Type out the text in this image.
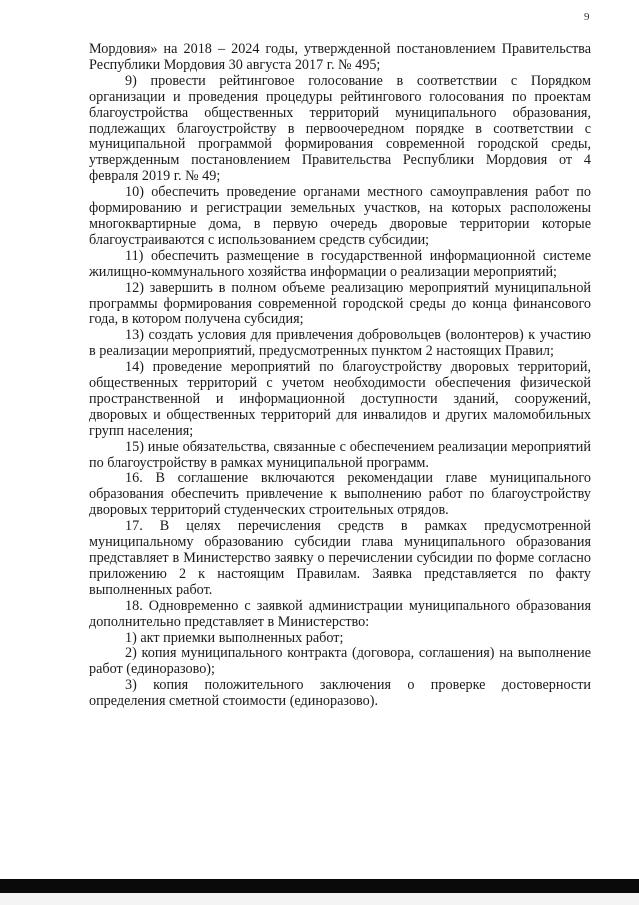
9

Мордовия» на 2018 – 2024 годы, утвержденной постановлением Правительства Республики Мордовия 30 августа 2017 г. № 495;

9) провести рейтинговое голосование в соответствии с Порядком организации и проведения процедуры рейтингового голосования по проектам благоустройства общественных территорий муниципального образования, подлежащих благоустройству в первоочередном порядке в соответствии с муниципальной программой формирования современной городской среды, утвержденным постановлением Правительства Республики Мордовия от 4 февраля 2019 г. № 49;

10) обеспечить проведение органами местного самоуправления работ по формированию и регистрации земельных участков, на которых расположены многоквартирные дома, в первую очередь дворовые территории которые благоустраиваются с использованием средств субсидии;

11) обеспечить размещение в государственной информационной системе жилищно-коммунального хозяйства информации о реализации мероприятий;

12) завершить в полном объеме реализацию мероприятий муниципальной программы формирования современной городской среды до конца финансового года, в котором получена субсидия;

13) создать условия для привлечения добровольцев (волонтеров) к участию в реализации мероприятий, предусмотренных пунктом 2 настоящих Правил;

14) проведение мероприятий по благоустройству дворовых территорий, общественных территорий с учетом необходимости обеспечения физической пространственной и информационной доступности зданий, сооружений, дворовых и общественных территорий для инвалидов и других маломобильных групп населения;

15) иные обязательства, связанные с обеспечением реализации мероприятий по благоустройству в рамках муниципальной программ.

16. В соглашение включаются рекомендации главе муниципального образования обеспечить привлечение к выполнению работ по благоустройству дворовых территорий студенческих строительных отрядов.

17. В целях перечисления средств в рамках предусмотренной муниципальному образованию субсидии глава муниципального образования представляет в Министерство заявку о перечислении субсидии по форме согласно приложению 2 к настоящим Правилам. Заявка представляется по факту выполненных работ.

18. Одновременно с заявкой администрации муниципального образования дополнительно представляет в Министерство:

1) акт приемки выполненных работ;

2) копия муниципального контракта (договора, соглашения) на выполнение работ (единоразово);

3) копия положительного заключения о проверке достоверности определения сметной стоимости (единоразово).
